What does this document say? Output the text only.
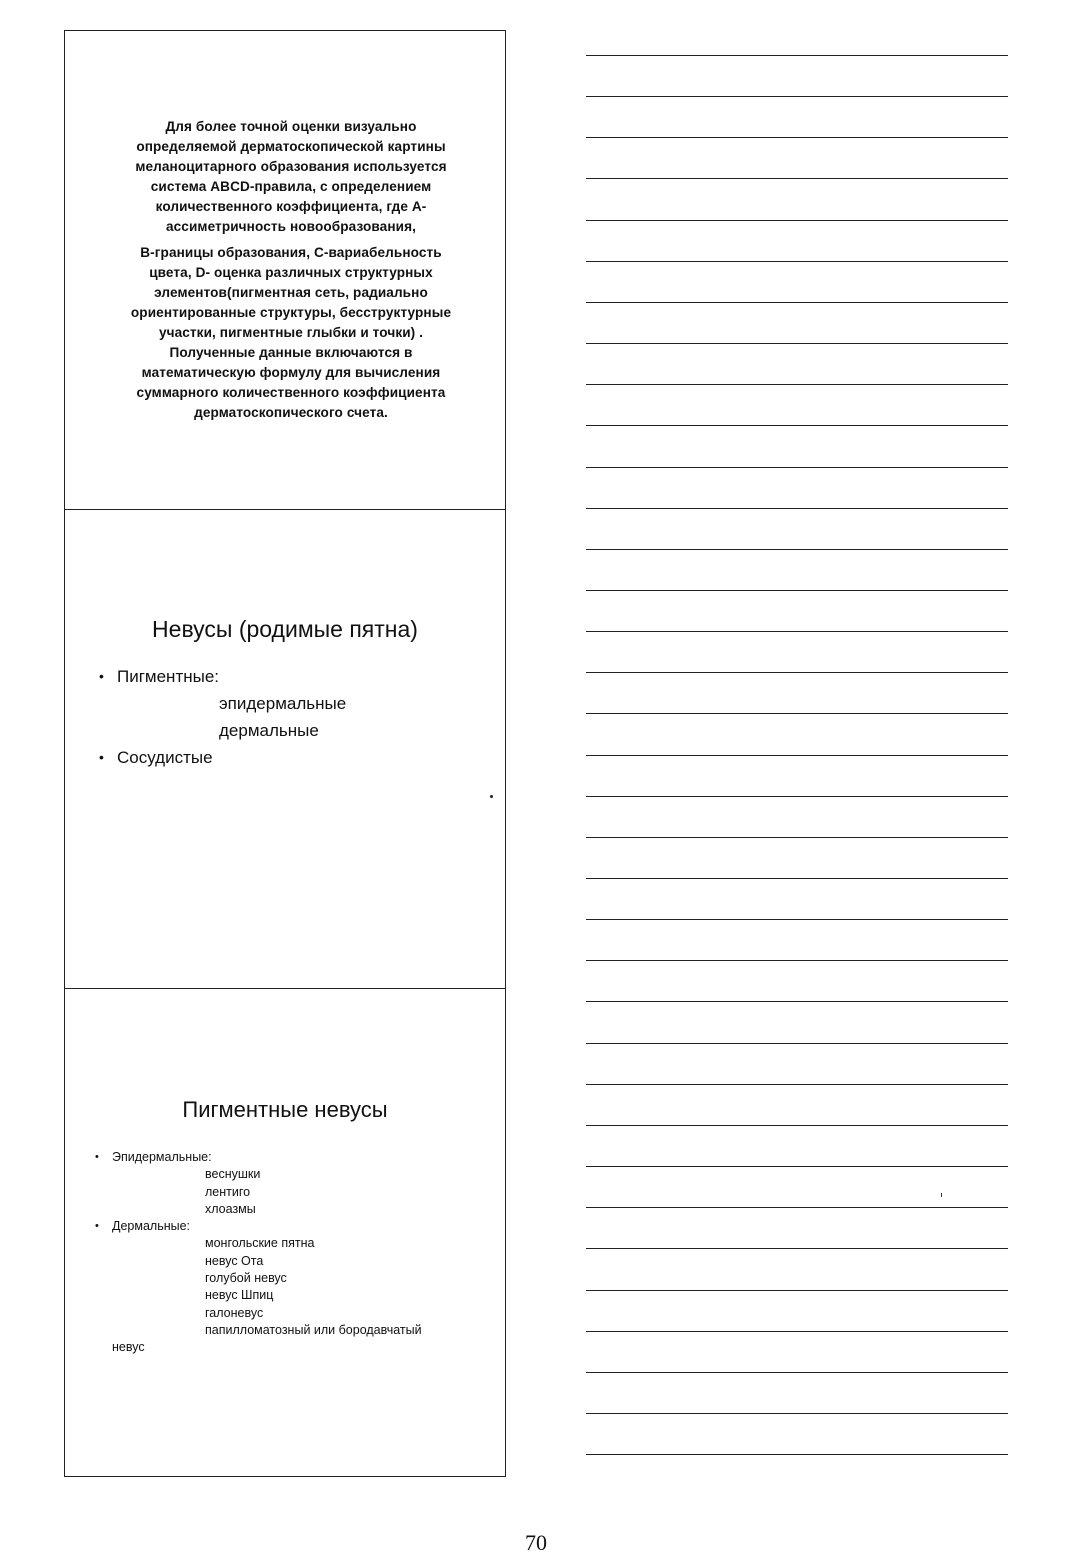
Для более точной оценки визуально

определяемой дерматоскопической картины

меланоцитарного образования используется

система ABCD-правила, с определением

количественного коэффициента, где А-

ассиметричность новообразования,

В-границы образования, С-вариабельность

цвета, D- оценка различных структурных

элементов(пигментная сеть, радиально

ориентированные структуры, бесструктурные

участки, пигментные глыбки и точки) .

Полученные данные включаются в

математическую формулу для вычисления

суммарного количественного коэффициента

дерматоскопического счета.

Невусы (родимые пятна)
• Пигментные:
эпидермальные
дермальные
• Сосудистые
Пигментные невусы
•	Эпидермальные:
веснушки
лентиго
хлоазмы
•	Дермальные:
монгольские пятна
невус Ота
голубой невус
невус Шпиц
галоневус
папилломатозный или бородавчатый
невус
70
